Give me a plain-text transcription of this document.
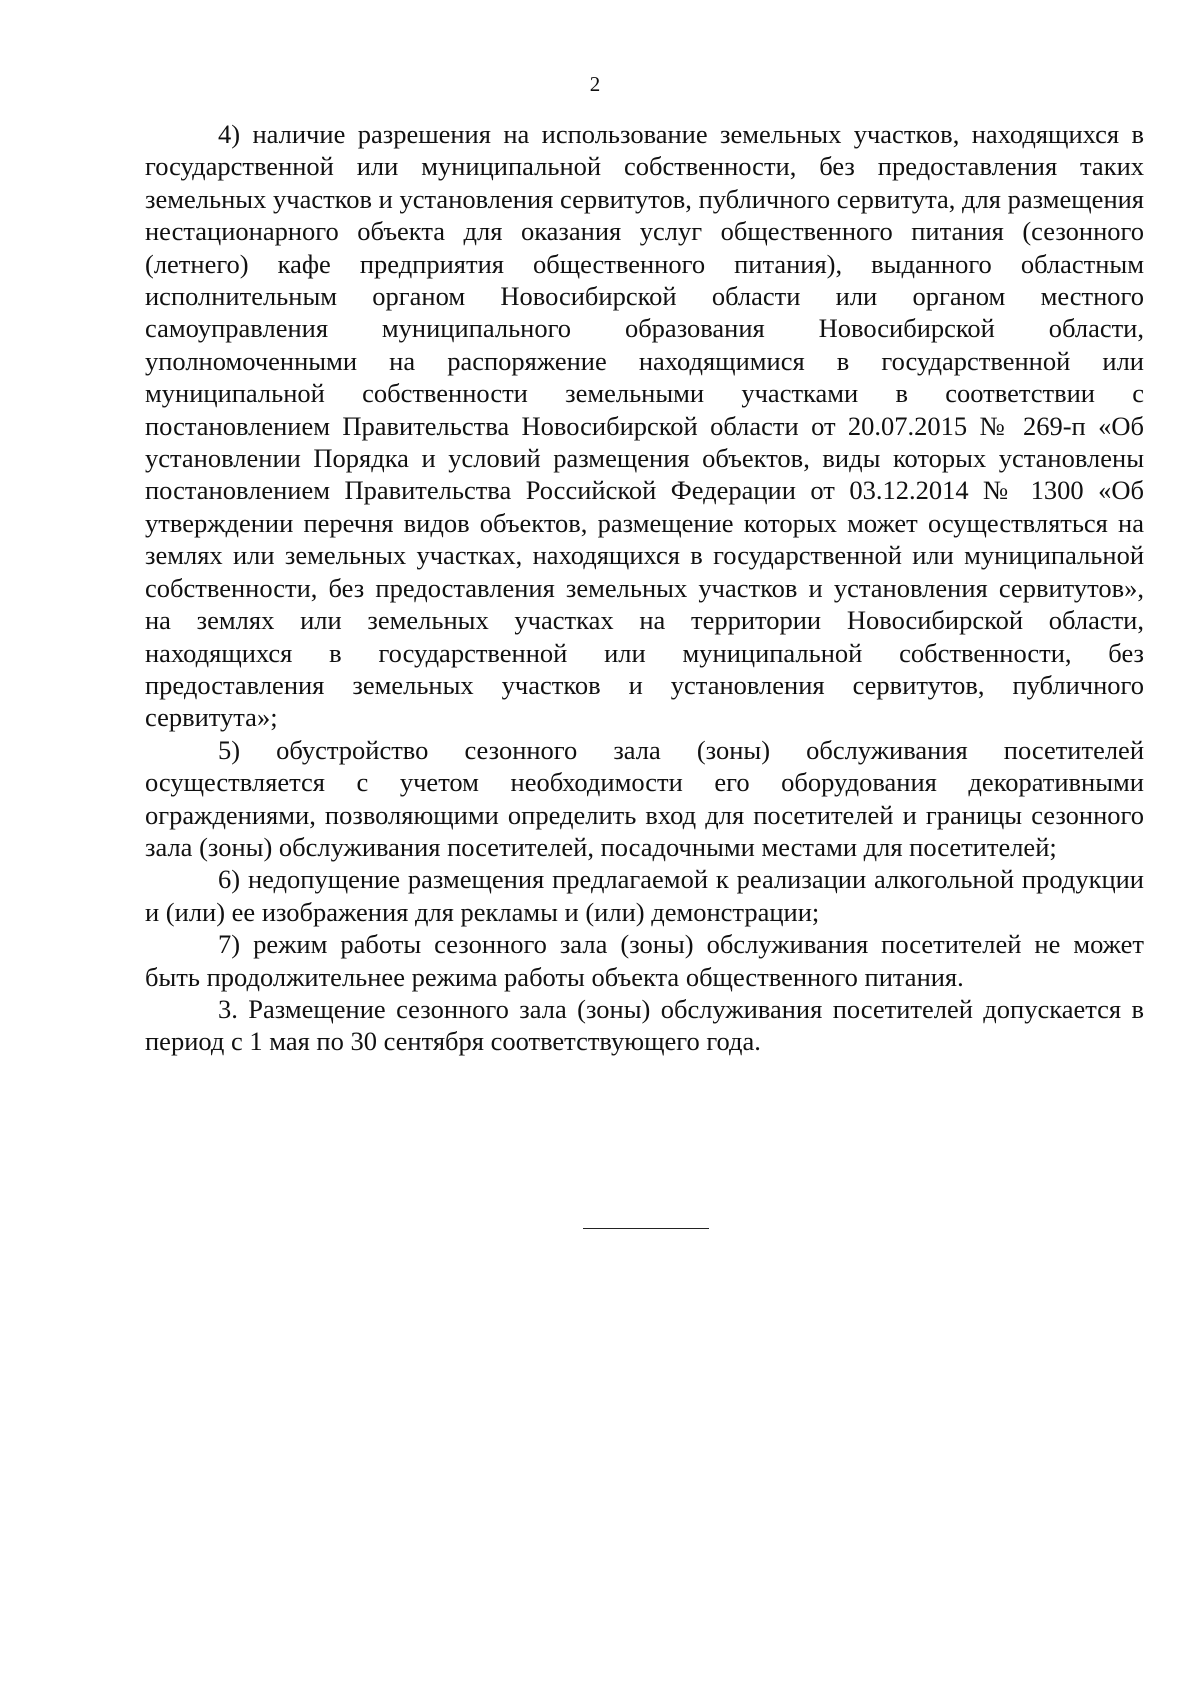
2

4) наличие разрешения на использование земельных участков, находящихся в государственной или муниципальной собственности, без предоставления таких земельных участков и установления сервитутов, публичного сервитута, для размещения нестационарного объекта для оказания услуг общественного питания (сезонного (летнего) кафе предприятия общественного питания), выданного областным исполнительным органом Новосибирской области или органом местного самоуправления муниципального образования Новосибирской области, уполномоченными на распоряжение находящимися в государственной или муниципальной собственности земельными участками в соответствии с постановлением Правительства Новосибирской области от 20.07.2015 № 269-п «Об установлении Порядка и условий размещения объектов, виды которых установлены постановлением Правительства Российской Федерации от 03.12.2014 № 1300 «Об утверждении перечня видов объектов, размещение которых может осуществляться на землях или земельных участках, находящихся в государственной или муниципальной собственности, без предоставления земельных участков и установления сервитутов», на землях или земельных участках на территории Новосибирской области, находящихся в государственной или муниципальной собственности, без предоставления земельных участков и установления сервитутов, публичного сервитута»;

5) обустройство сезонного зала (зоны) обслуживания посетителей осуществляется с учетом необходимости его оборудования декоративными ограждениями, позволяющими определить вход для посетителей и границы сезонного зала (зоны) обслуживания посетителей, посадочными местами для посетителей;

6) недопущение размещения предлагаемой к реализации алкогольной продукции и (или) ее изображения для рекламы и (или) демонстрации;

7) режим работы сезонного зала (зоны) обслуживания посетителей не может быть продолжительнее режима работы объекта общественного питания.

3. Размещение сезонного зала (зоны) обслуживания посетителей допускается в период с 1 мая по 30 сентября соответствующего года.
